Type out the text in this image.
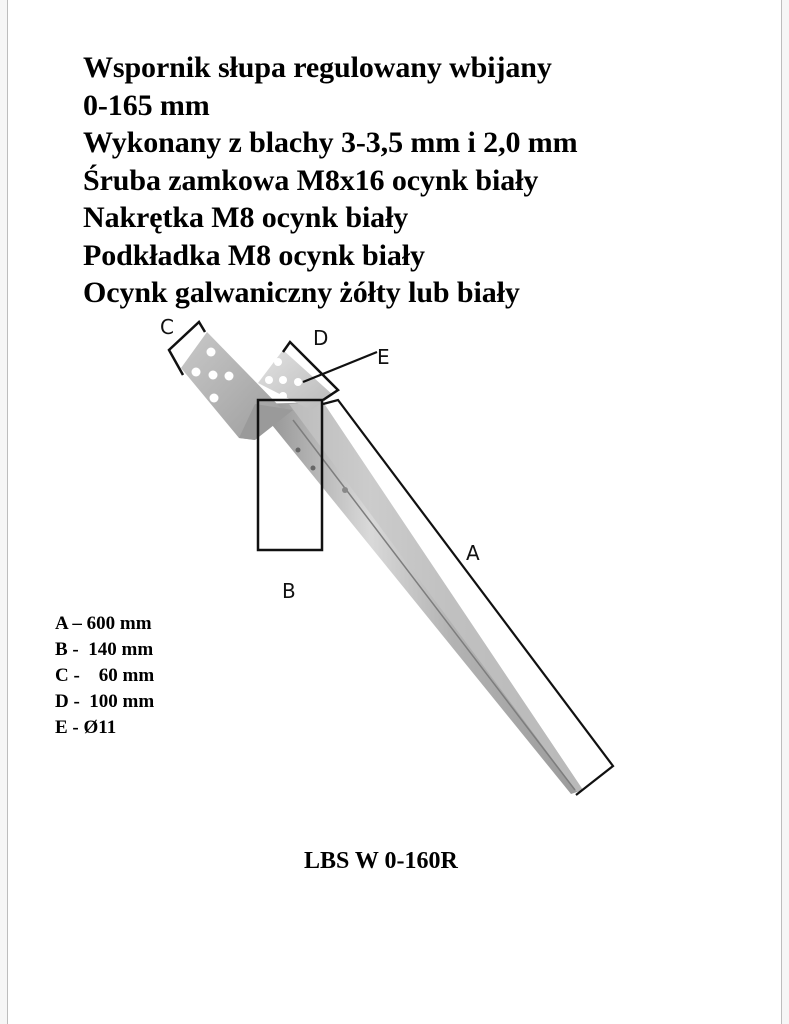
Wspornik słupa regulowany wbijany
0-165 mm
Wykonany z blachy 3-3,5 mm i 2,0 mm
Śruba zamkowa M8x16 ocynk biały
Nakrętka M8 ocynk biały
Podkładka M8 ocynk biały
Ocynk galwaniczny żółty lub biały
A – 600 mm
B -  140 mm
C -    60 mm
D -  100 mm
E - Ø11
LBS W 0-160R
C	D
E
B
A
